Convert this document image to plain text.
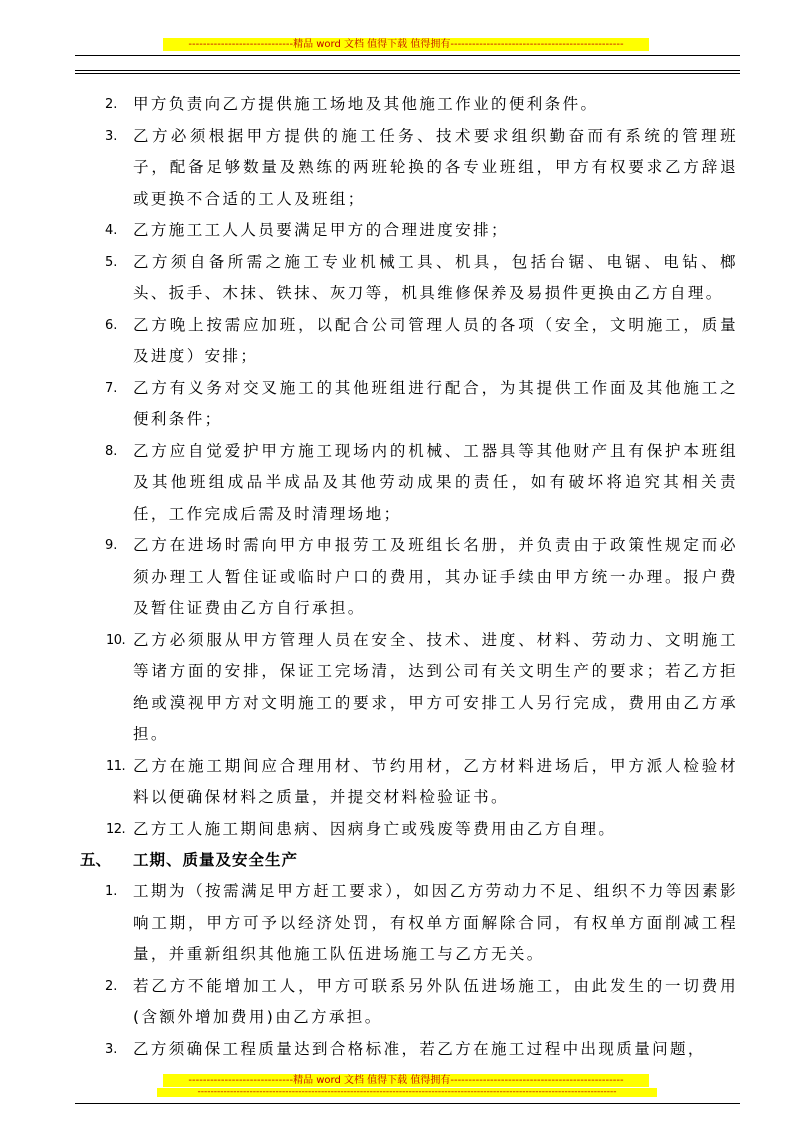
-----------------------------精品 word 文档 值得下载 值得拥有------------------------------------------------
2.	甲方负责向乙方提供施工场地及其他施工作业的便利条件。
3.	乙方必须根据甲方提供的施工任务、技术要求组织勤奋而有系统的管理班子，配备足够数量及熟练的两班轮换的各专业班组，甲方有权要求乙方辞退或更换不合适的工人及班组；
4.	乙方施工工人人员要满足甲方的合理进度安排；
5.	乙方须自备所需之施工专业机械工具、机具，包括台锯、电锯、电钻、榔头、扳手、木抹、铁抹、灰刀等，机具维修保养及易损件更换由乙方自理。
6.	乙方晚上按需应加班，以配合公司管理人员的各项（安全，文明施工，质量及进度）安排；
7.	乙方有义务对交叉施工的其他班组进行配合，为其提供工作面及其他施工之便利条件；
8.	乙方应自觉爱护甲方施工现场内的机械、工器具等其他财产且有保护本班组及其他班组成品半成品及其他劳动成果的责任，如有破坏将追究其相关责任，工作完成后需及时清理场地；
9.	乙方在进场时需向甲方申报劳工及班组长名册，并负责由于政策性规定而必须办理工人暂住证或临时户口的费用，其办证手续由甲方统一办理。报户费及暂住证费由乙方自行承担。
10. 乙方必须服从甲方管理人员在安全、技术、进度、材料、劳动力、文明施工等诸方面的安排，保证工完场清，达到公司有关文明生产的要求；若乙方拒绝或漠视甲方对文明施工的要求，甲方可安排工人另行完成，费用由乙方承担。
11. 乙方在施工期间应合理用材、节约用材，乙方材料进场后，甲方派人检验材料以便确保材料之质量，并提交材料检验证书。
12. 乙方工人施工期间患病、因病身亡或残废等费用由乙方自理。
五、 工期、质量及安全生产
1.	工期为（按需满足甲方赶工要求），如因乙方劳动力不足、组织不力等因素影响工期，甲方可予以经济处罚，有权单方面解除合同，有权单方面削减工程量，并重新组织其他施工队伍进场施工与乙方无关。
2.	若乙方不能增加工人，甲方可联系另外队伍进场施工，由此发生的一切费用(含额外增加费用)由乙方承担。
3.	乙方须确保工程质量达到合格标准，若乙方在施工过程中出现质量问题，
-----------------------------精品 word 文档 值得下载 值得拥有------------------------------------------------
---------------------------------------------------------------------------------------------------------------------------------
